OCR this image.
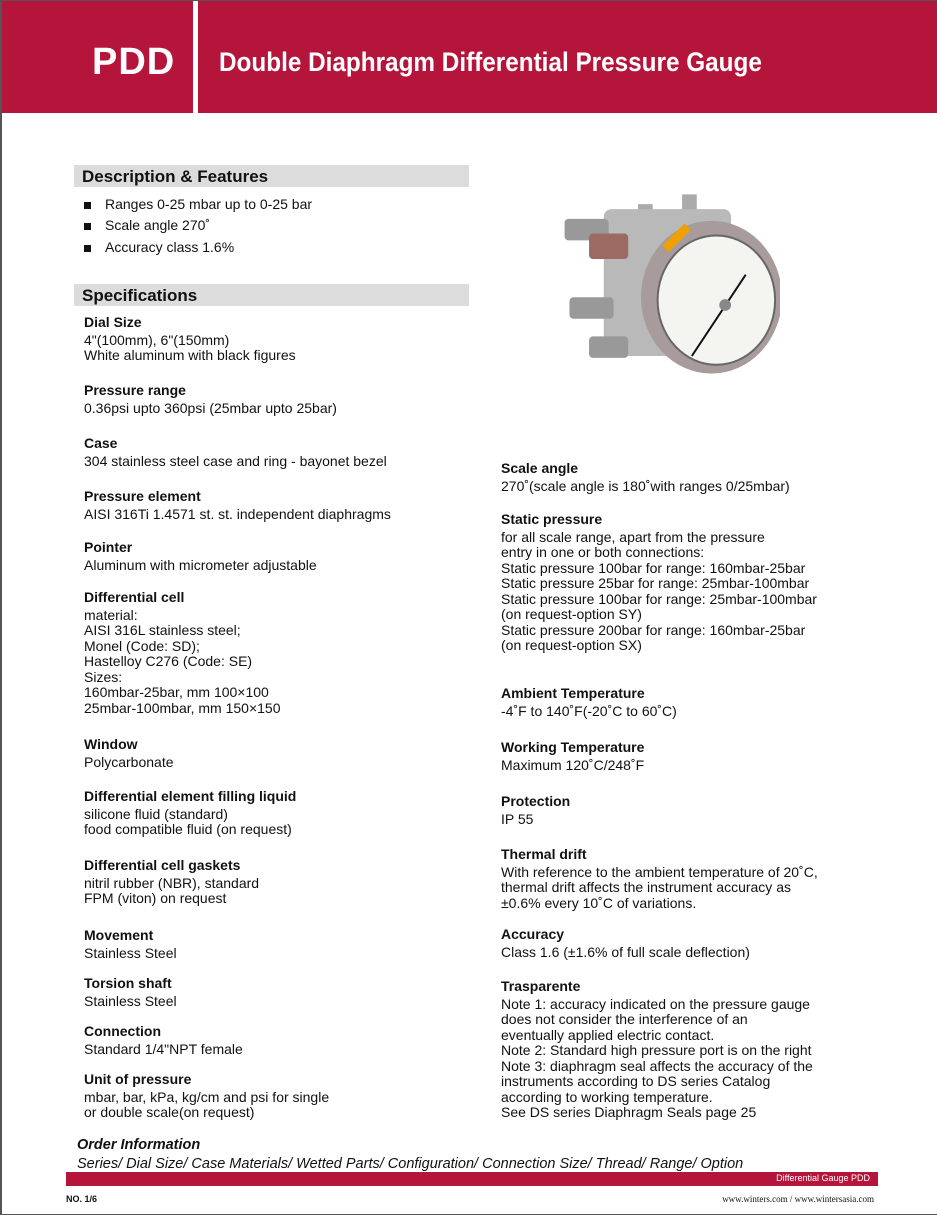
PDD Double Diaphragm Differential Pressure Gauge
Description & Features
Ranges 0-25 mbar up to 0-25 bar
Scale angle 270˚
Accuracy class 1.6%
Specifications
Dial Size
4"(100mm), 6"(150mm)
White aluminum with black figures
Pressure range
0.36psi upto 360psi (25mbar upto 25bar)
Case
304 stainless steel case and ring - bayonet bezel
Pressure element
AISI 316Ti 1.4571 st. st. independent diaphragms
Pointer
Aluminum with micrometer adjustable
Differential cell
material:
AISI 316L stainless steel;
Monel (Code: SD);
Hastelloy C276 (Code: SE)
Sizes:
160mbar-25bar, mm 100×100
25mbar-100mbar, mm 150×150
Window
Polycarbonate
Differential element filling liquid
silicone fluid (standard)
food compatible fluid (on request)
Differential cell gaskets
nitril rubber (NBR), standard
FPM (viton) on request
Movement
Stainless Steel
Torsion shaft
Stainless Steel
Connection
Standard 1/4"NPT female
Unit of pressure
mbar, bar, kPa, kg/cm and psi for single
or double scale(on request)
Scale angle
270˚(scale angle is 180˚with ranges 0/25mbar)
Static pressure
for all scale range, apart from the pressure
entry in one or both connections:
Static pressure 100bar for range: 160mbar-25bar
Static pressure 25bar for range: 25mbar-100mbar
Static pressure 100bar for range: 25mbar-100mbar
(on request-option SY)
Static pressure 200bar for range: 160mbar-25bar
(on request-option SX)
Ambient Temperature
-4˚F to 140˚F(-20˚C to 60˚C)
Working Temperature
Maximum 120˚C/248˚F
Protection
IP 55
Thermal drift
With reference to the ambient temperature of 20˚C,
thermal drift affects the instrument accuracy as
±0.6% every 10˚C of variations.
Accuracy
Class 1.6 (±1.6% of full scale deflection)
Trasparente
Note 1: accuracy indicated on the pressure gauge
does not consider the interference of an
eventually applied electric contact.
Note 2: Standard high pressure port is on the right
Note 3: diaphragm seal affects the accuracy of the
instruments according to DS series Catalog
according to working temperature.
See DS series Diaphragm Seals page 25
Order Information
Series/ Dial Size/ Case Materials/ Wetted Parts/ Configuration/ Connection Size/ Thread/ Range/ Option
Differential Gauge PDD
NO. 1/6	www.winters.com / www.wintersasia.com
